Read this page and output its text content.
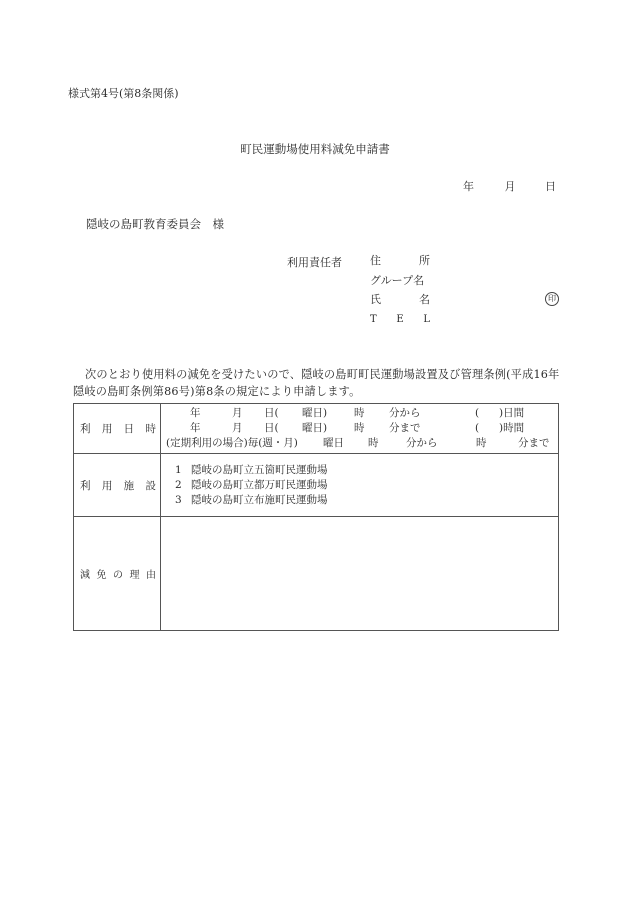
様式第4号(第8条関係)
町民運動場使用料減免申請書
年	月	日
隠岐の島町教育委員会　様
利用責任者	住	所
グループ名
氏	名
T E L
印
次のとおり使用料の減免を受けたいので、隠岐の島町町民運動場設置及び管理条例(平成16年隠岐の島町条例第86号)第8条の規定により申請します。
利 用 日 時

年	月	日(	曜日)	時	分から	(	)日間
年	月	日(	曜日)	時	分まで	(	)時間
(定期利用の場合)毎(週・月)	曜日	時	分から	時	分まで

利 用 施 設

1 隠岐の島町立五箇町民運動場
2 隠岐の島町立都万町民運動場
3 隠岐の島町立布施町民運動場

減 免 の 理 由	
